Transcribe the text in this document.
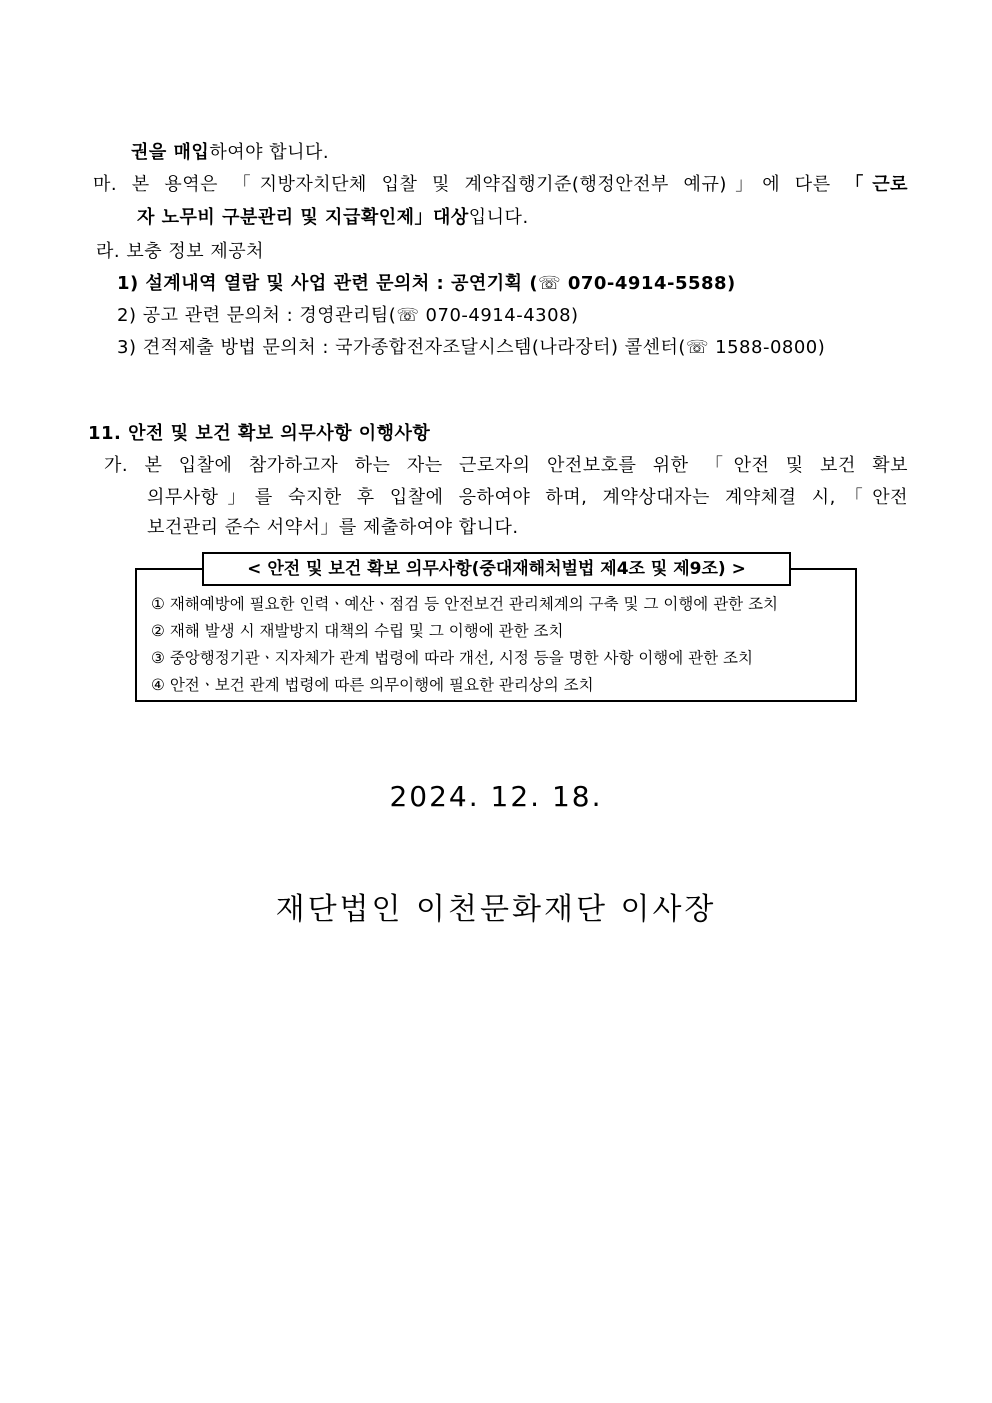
권을 매입하여야 합니다.
마. 본 용역은 「지방자치단체 입찰 및 계약집행기준(행정안전부 예규)」에 다른 「근로
자 노무비 구분관리 및 지급확인제」대상입니다.
라. 보충 정보 제공처
1) 설계내역 열람 및 사업 관련 문의처 : 공연기획 (☏ 070-4914-5588)
2) 공고 관련 문의처 : 경영관리팀(☏ 070-4914-4308)
3) 견적제출 방법 문의처 : 국가종합전자조달시스템(나라장터) 콜센터(☏ 1588-0800)
11. 안전 및 보건 확보 의무사항 이행사항
가. 본 입찰에 참가하고자 하는 자는 근로자의 안전보호를 위한 「안전 및 보건 확보
의무사항」를 숙지한 후 입찰에 응하여야 하며, 계약상대자는 계약체결 시,「안전
보건관리 준수 서약서」를 제출하여야 합니다.
< 안전 및 보건 확보 의무사항(중대재해처벌법 제4조 및 제9조) >
① 재해예방에 필요한 인력ㆍ예산ㆍ점검 등 안전보건 관리체계의 구축 및 그 이행에 관한 조치
② 재해 발생 시 재발방지 대책의 수립 및 그 이행에 관한 조치
③ 중앙행정기관ㆍ지자체가 관계 법령에 따라 개선, 시정 등을 명한 사항 이행에 관한 조치
④ 안전ㆍ보건 관계 법령에 따른 의무이행에 필요한 관리상의 조치
2024. 12. 18.
재단법인 이천문화재단 이사장
